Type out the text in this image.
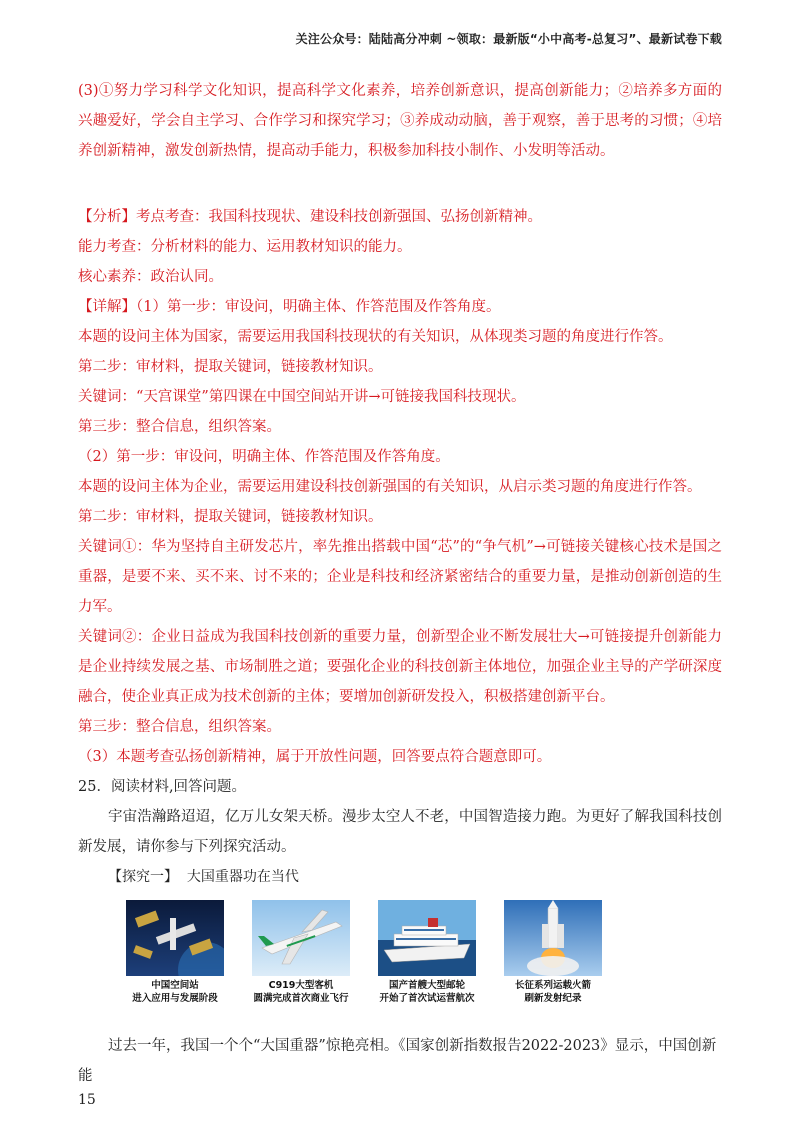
关注公众号：陆陆高分冲刺 ~领取：最新版“小中高考-总复习”、最新试卷下载

(3)①努力学习科学文化知识，提高科学文化素养，培养创新意识，提高创新能力；②培养多方面的兴趣爱好，学会自主学习、合作学习和探究学习；③养成动动脑，善于观察，善于思考的习惯；④培养创新精神，激发创新热情，提高动手能力，积极参加科技小制作、小发明等活动。

【分析】考点考查：我国科技现状、建设科技创新强国、弘扬创新精神。

能力考查：分析材料的能力、运用教材知识的能力。

核心素养：政治认同。

【详解】（1）第一步：审设问，明确主体、作答范围及作答角度。

本题的设问主体为国家，需要运用我国科技现状的有关知识，从体现类习题的角度进行作答。

第二步：审材料，提取关键词，链接教材知识。

关键词：“天宫课堂”第四课在中国空间站开讲→可链接我国科技现状。

第三步：整合信息，组织答案。

（2）第一步：审设问，明确主体、作答范围及作答角度。

本题的设问主体为企业，需要运用建设科技创新强国的有关知识，从启示类习题的角度进行作答。

第二步：审材料，提取关键词，链接教材知识。

关键词①：华为坚持自主研发芯片，率先推出搭载中国“芯”的“争气机”→可链接关键核心技术是国之重器，是要不来、买不来、讨不来的；企业是科技和经济紧密结合的重要力量，是推动创新创造的生力军。

关键词②：企业日益成为我国科技创新的重要力量，创新型企业不断发展壮大→可链接提升创新能力是企业持续发展之基、市场制胜之道；要强化企业的科技创新主体地位，加强企业主导的产学研深度融合，使企业真正成为技术创新的主体；要增加创新研发投入，积极搭建创新平台。

第三步：整合信息，组织答案。

（3）本题考查弘扬创新精神，属于开放性问题，回答要点符合题意即可。

25．阅读材料,回答问题。

宇宙浩瀚路迢迢，亿万儿女架天桥。漫步太空人不老，中国智造接力跑。为更好了解我国科技创新发展，请你参与下列探究活动。

【探究一】 大国重器功在当代
中国空间站
进入应用与发展阶段
C919大型客机
圆满完成首次商业飞行
国产首艘大型邮轮
开始了首次试运营航次
长征系列运载火箭
刷新发射纪录

过去一年，我国一个个“大国重器”惊艳亮相。《国家创新指数报告2022-2023》显示，中国创新能

15
